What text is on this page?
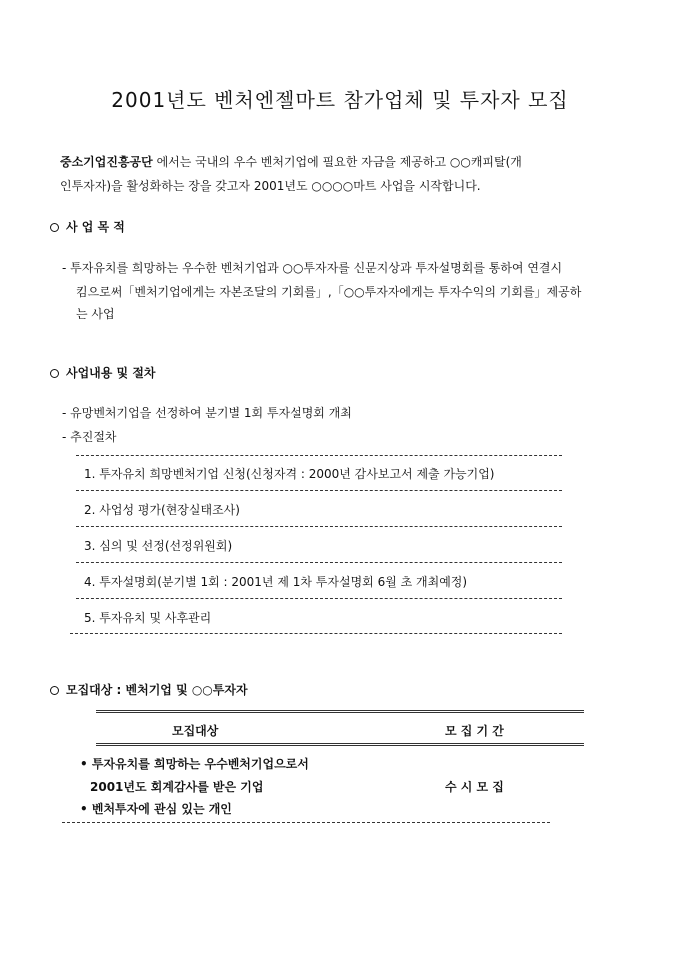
2001년도 벤처엔젤마트 참가업체 및 투자자 모집
중소기업진흥공단 에서는 국내의 우수 벤처기업에 필요한 자금을 제공하고 ○○캐피탈(개
인투자자)을 활성화하는 장을 갖고자 2001년도 ○○○○마트 사업을 시작합니다.
사 업 목 적
- 투자유치를 희망하는 우수한 벤처기업과 ○○투자자를 신문지상과 투자설명회를 통하여 연결시
킴으로써「벤처기업에게는 자본조달의 기회를」,「○○투자자에게는 투자수익의 기회를」제공하
는 사업
사업내용 및 절차
- 유망벤처기업을 선정하여 분기별 1회 투자설명회 개최
- 추진절차
1. 투자유치 희망벤처기업 신청(신청자격 : 2000년 감사보고서 제출 가능기업)
2. 사업성 평가(현장실태조사)
3. 심의 및 선정(선정위원회)
4. 투자설명회(분기별 1회 : 2001년 제 1차 투자설명회 6월 초 개최예정)
5. 투자유치 및 사후관리
모집대상 : 벤처기업 및 ○○투자자
모집대상	모 집 기 간
• 투자유치를 희망하는 우수벤처기업으로서
2001년도 회계감사를 받은 기업	수 시 모 집
• 벤처투자에 관심 있는 개인
